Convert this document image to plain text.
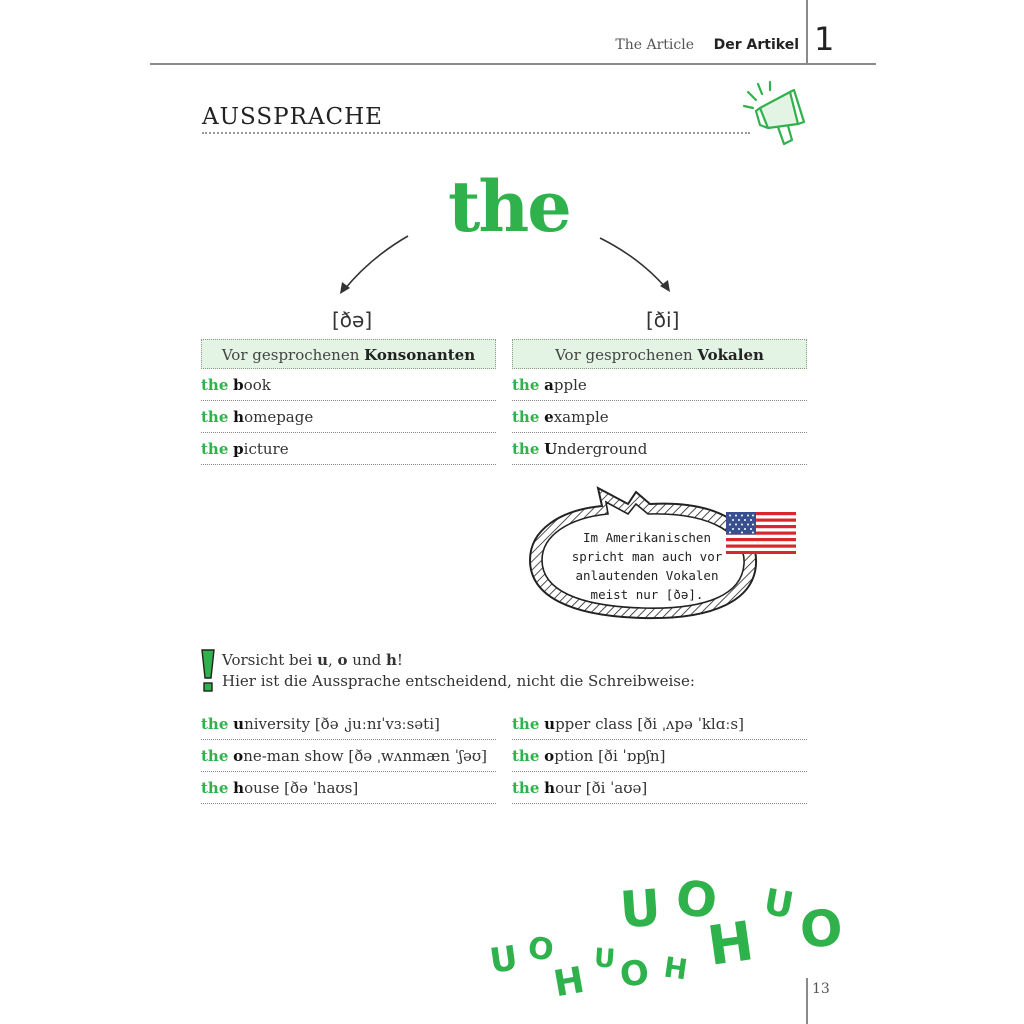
The Article Der Artikel 1
AUSSPRACHE
the
[ðə]	[ði]
Vor gesprochenen Konsonanten
the book
the homepage
the picture
Vor gesprochenen Vokalen
the apple
the example
the Underground
Im Amerikanischen
spricht man auch vor
anlautenden Vokalen
meist nur [ðə].
Vorsicht bei u, o und h!
Hier ist die Aussprache entscheidend, nicht die Schreibweise:
the university [ðə ˌjuːnɪˈvɜːsəti]
the one-man show [ðə ˌwʌnmæn ˈʃəʊ]
the house [ðə ˈhaʊs]
the upper class [ði ˌʌpə ˈklɑːs]
the option [ði ˈɒpʃn]
the hour [ði ˈaʊə]
U O
H
U O H
U O
H
U O
13
